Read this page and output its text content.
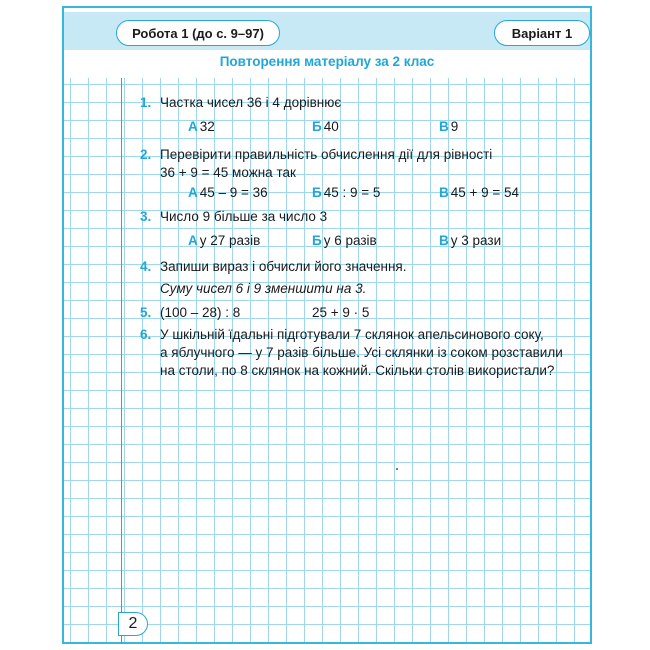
Робота 1 (до с. 9–97)	Варіант 1
Повторення матеріалу за 2 клас
1. Частка чисел 36 і 4 дорівнює
А 32	Б 40	В 9
2. Перевірити правильність обчислення дії для рівності
36 + 9 = 45 можна так
А 45 – 9 = 36	Б 45 : 9 = 5	В 45 + 9 = 54
3. Число 9 більше за число 3
А у 27 разів	Б у 6 разів	В у 3 рази
4. Запиши вираз і обчисли його значення.
Суму чисел 6 і 9 зменшити на 3.
5. (100 – 28) : 8	25 + 9 · 5
6. У шкільній їдальні підготували 7 склянок апельсинового соку,
а яблучного — у 7 разів більше. Усі склянки із соком розставили
на столи, по 8 склянок на кожний. Скільки столів використали?
2
